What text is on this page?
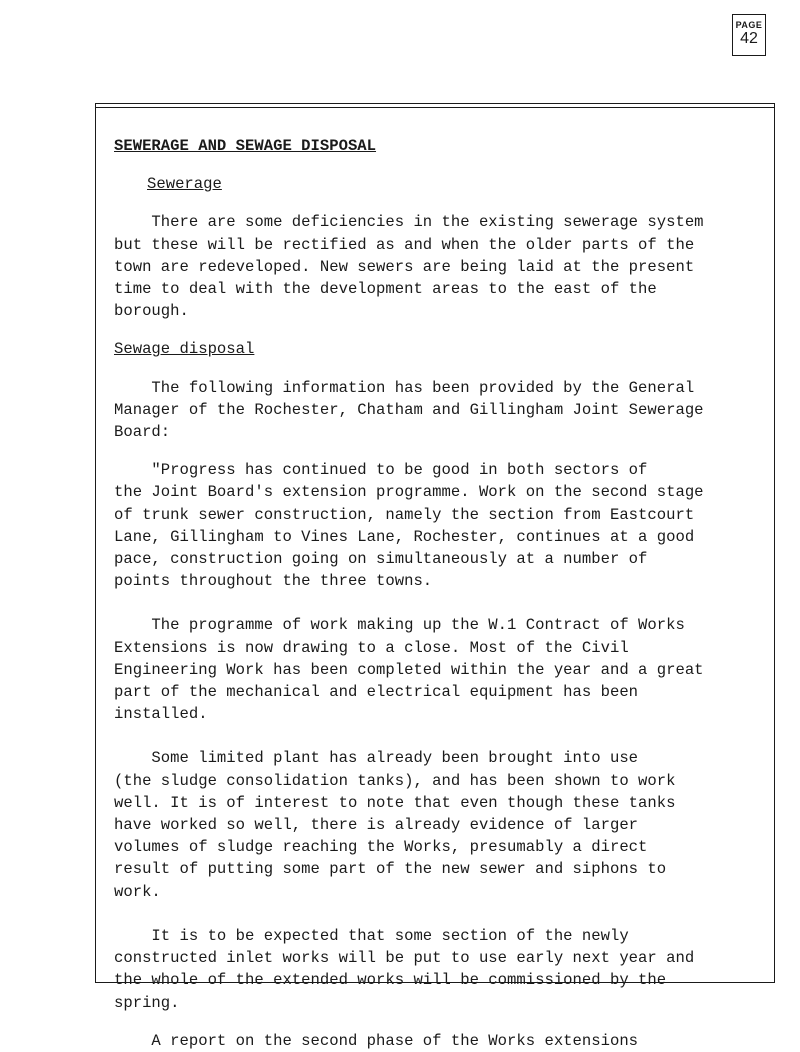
PAGE
42

SEWERAGE AND SEWAGE DISPOSAL

Sewerage

There are some deficiencies in the existing sewerage system

but these will be rectified as and when the older parts of the

town are redeveloped. New sewers are being laid at the present

time to deal with the development areas to the east of the

borough.

Sewage disposal

The following information has been provided by the General

Manager of the Rochester, Chatham and Gillingham Joint Sewerage

Board:

"Progress has continued to be good in both sectors of

the Joint Board's extension programme. Work on the second stage

of trunk sewer construction, namely the section from Eastcourt

Lane, Gillingham to Vines Lane, Rochester, continues at a good

pace, construction going on simultaneously at a number of

points throughout the three towns.

The programme of work making up the W.1 Contract of Works

Extensions is now drawing to a close. Most of the Civil

Engineering Work has been completed within the year and a great

part of the mechanical and electrical equipment has been

installed.

Some limited plant has already been brought into use

(the sludge consolidation tanks), and has been shown to work

well. It is of interest to note that even though these tanks

have worked so well, there is already evidence of larger

volumes of sludge reaching the Works, presumably a direct

result of putting some part of the new sewer and siphons to

work.

It is to be expected that some section of the newly

constructed inlet works will be put to use early next year and

the whole of the extended works will be commissioned by the

spring.

A report on the second phase of the Works extensions
